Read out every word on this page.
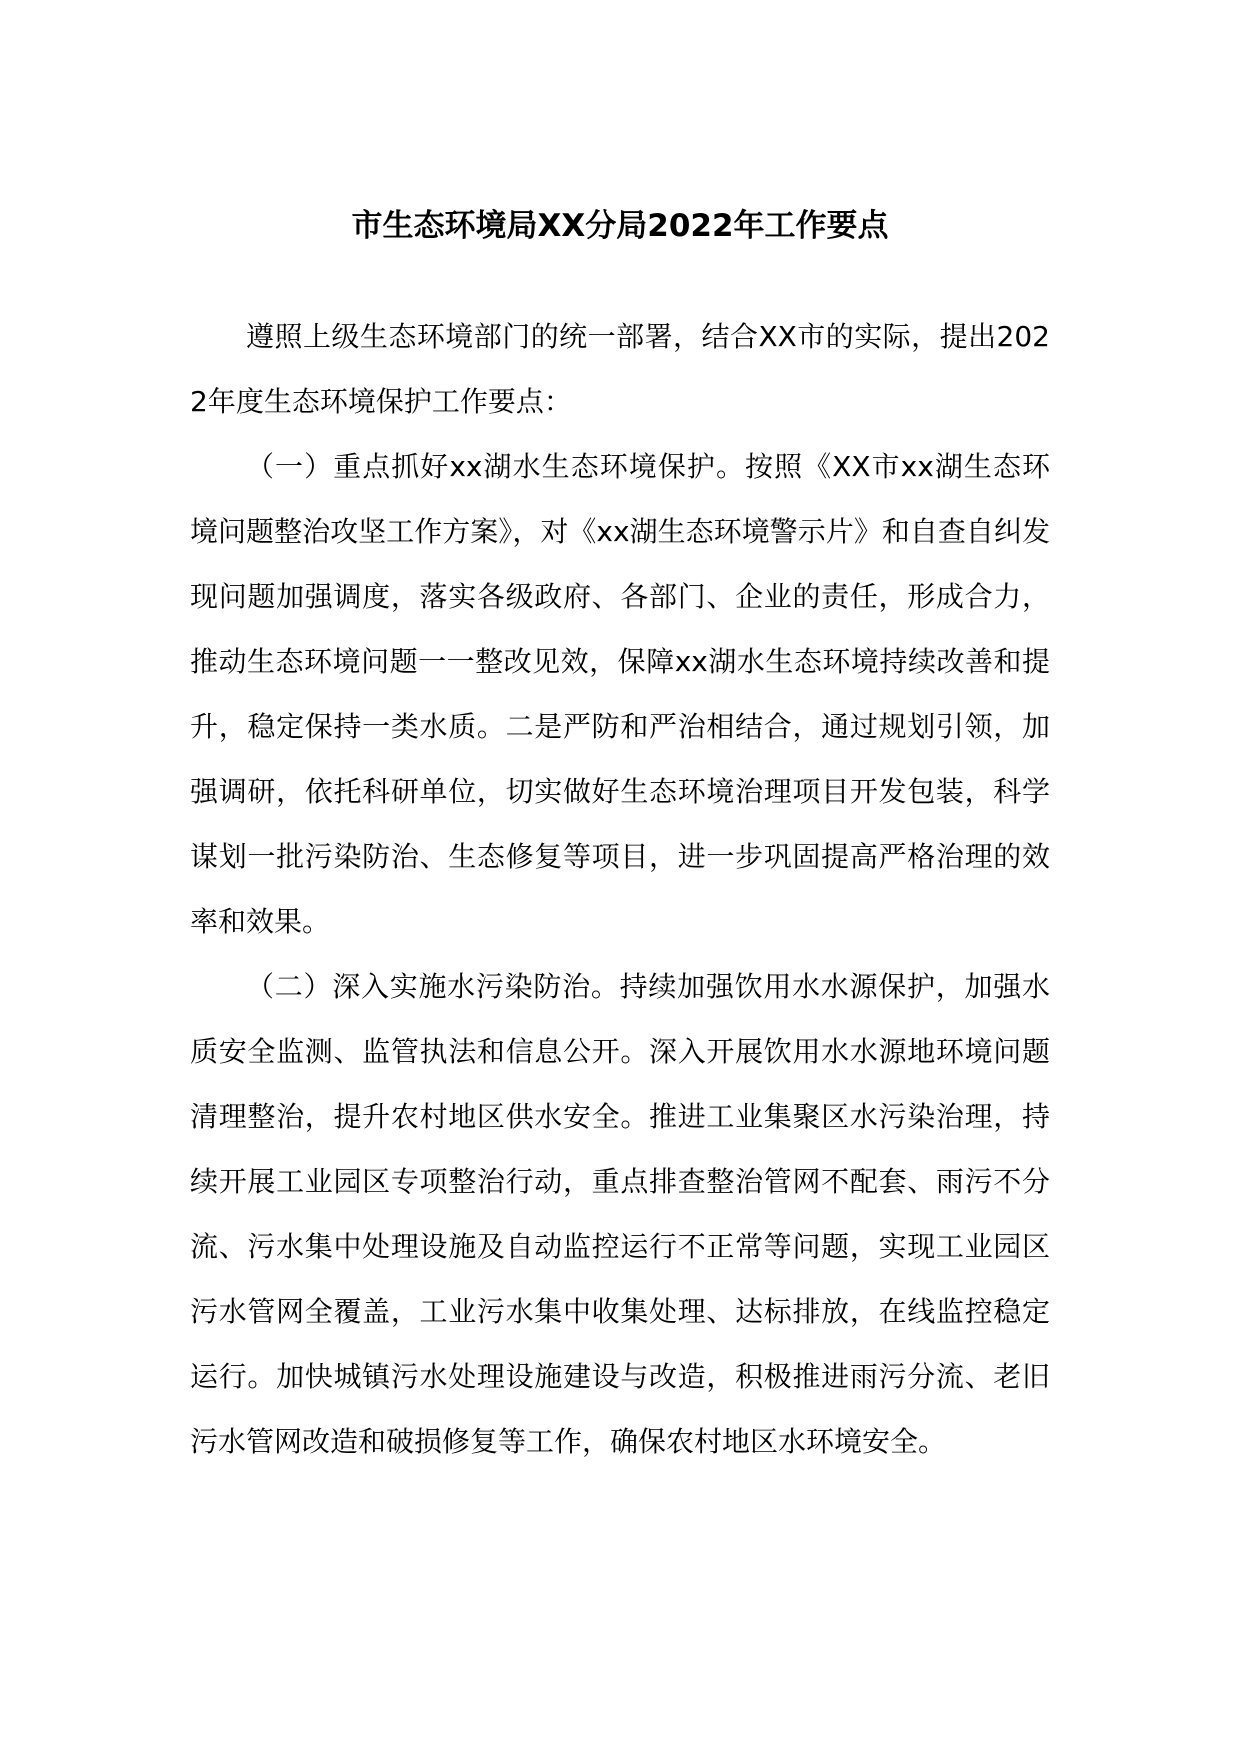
市生态环境局XX分局2022年工作要点

遵照上级生态环境部门的统一部署，结合XX市的实际，提出2022年度生态环境保护工作要点：

（一）重点抓好xx湖水生态环境保护。按照《XX市xx湖生态环境问题整治攻坚工作方案》，对《xx湖生态环境警示片》和自查自纠发现问题加强调度，落实各级政府、各部门、企业的责任，形成合力，推动生态环境问题一一整改见效，保障xx湖水生态环境持续改善和提升，稳定保持一类水质。二是严防和严治相结合，通过规划引领，加强调研，依托科研单位，切实做好生态环境治理项目开发包装，科学谋划一批污染防治、生态修复等项目，进一步巩固提高严格治理的效率和效果。

（二）深入实施水污染防治。持续加强饮用水水源保护，加强水质安全监测、监管执法和信息公开。深入开展饮用水水源地环境问题清理整治，提升农村地区供水安全。推进工业集聚区水污染治理，持续开展工业园区专项整治行动，重点排查整治管网不配套、雨污不分流、污水集中处理设施及自动监控运行不正常等问题，实现工业园区污水管网全覆盖，工业污水集中收集处理、达标排放，在线监控稳定运行。加快城镇污水处理设施建设与改造，积极推进雨污分流、老旧污水管网改造和破损修复等工作，确保农村地区水环境安全。
